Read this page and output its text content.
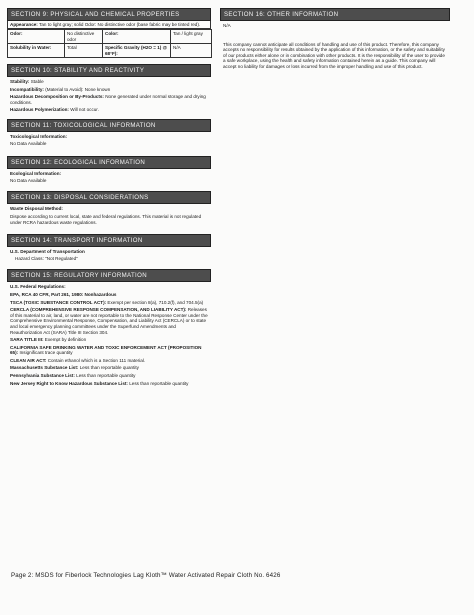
SECTION 9: PHYSICAL AND CHEMICAL PROPERTIES
Appearance: Tan to light gray; solid Odor: No distinctive odor (base fabric may be tinted red).
Odor:	No distinctive odor	Color:	Tan / light gray
Solubility in Water:	Total	Specific Gravity (H2O = 1) @ 68°F):	N/A
SECTION 10: STABILITY AND REACTIVITY

Stability: Stable

Incompatibility: (Material to Avoid): None known

Hazardous Decomposition or By-Products: None generated under normal storage and drying conditions.

Hazardous Polymerization: Will not occur.

SECTION 11: TOXICOLOGICAL INFORMATION

Toxicological Information:

No Data Available

SECTION 12: ECOLOGICAL INFORMATION

Ecological Information:

No Data Available

SECTION 13: DISPOSAL CONSIDERATIONS

Waste Disposal Method:

Dispose according to current local, state and federal regulations. This material is not regulated under RCRA hazardous waste regulations.

SECTION 14: TRANSPORT INFORMATION

U.S. Department of Transportation

Hazard Class: "Not Regulated"

SECTION 15: REGULATORY INFORMATION

U.S. Federal Regulations:

EPA, RCA 40 CFR, Part 261, 1980: Nonhazardous

TSCA (TOXIC SUBSTANCE CONTROL ACT): Exempt per section 8(a), 710.2(f), and 704.5(a)

CERCLA (COMPREHENSIVE RESPONSE COMPENSATION, AND LIABILITY ACT): Releases of this material to air, land, or water are not reportable to the National Response Center under the Comprehensive Environmental Response, Compensation, and Liability Act (CERCLA) or to state and local emergency planning committees under the Superfund Amendments and Reauthorization Act (SARA) Title III Section 304.

SARA TITLE III: Exempt by definition

CALIFORNIA SAFE DRINKING WATER AND TOXIC ENFORCEMENT ACT (PROPOSITION 65): Insignificant trace quantity

CLEAN AIR ACT: Contain ethanol which is a Section 111 material.

Massachusetts Substance List: Less than reportable quantity

Pennsylvania Substance List: Less than reportable quantity

New Jersey Right to Know Hazardous Substance List: Less than reportable quantity

SECTION 16: OTHER INFORMATION

N/A

This company cannot anticipate all conditions of handling and use of this product. Therefore, this company accepts no responsibility for results obtained by the application of this information, or the safety and suitability of our products either alone or in combination with other products. It is the responsibility of the user to provide a safe workplace, using the health and safety information contained herein as a guide. This company will accept no liability for damages or loss incurred from the improper handling and use of this product.

Page 2: MSDS for Fiberlock Technologies Lag Kloth™ Water Activated Repair Cloth No. 6426
